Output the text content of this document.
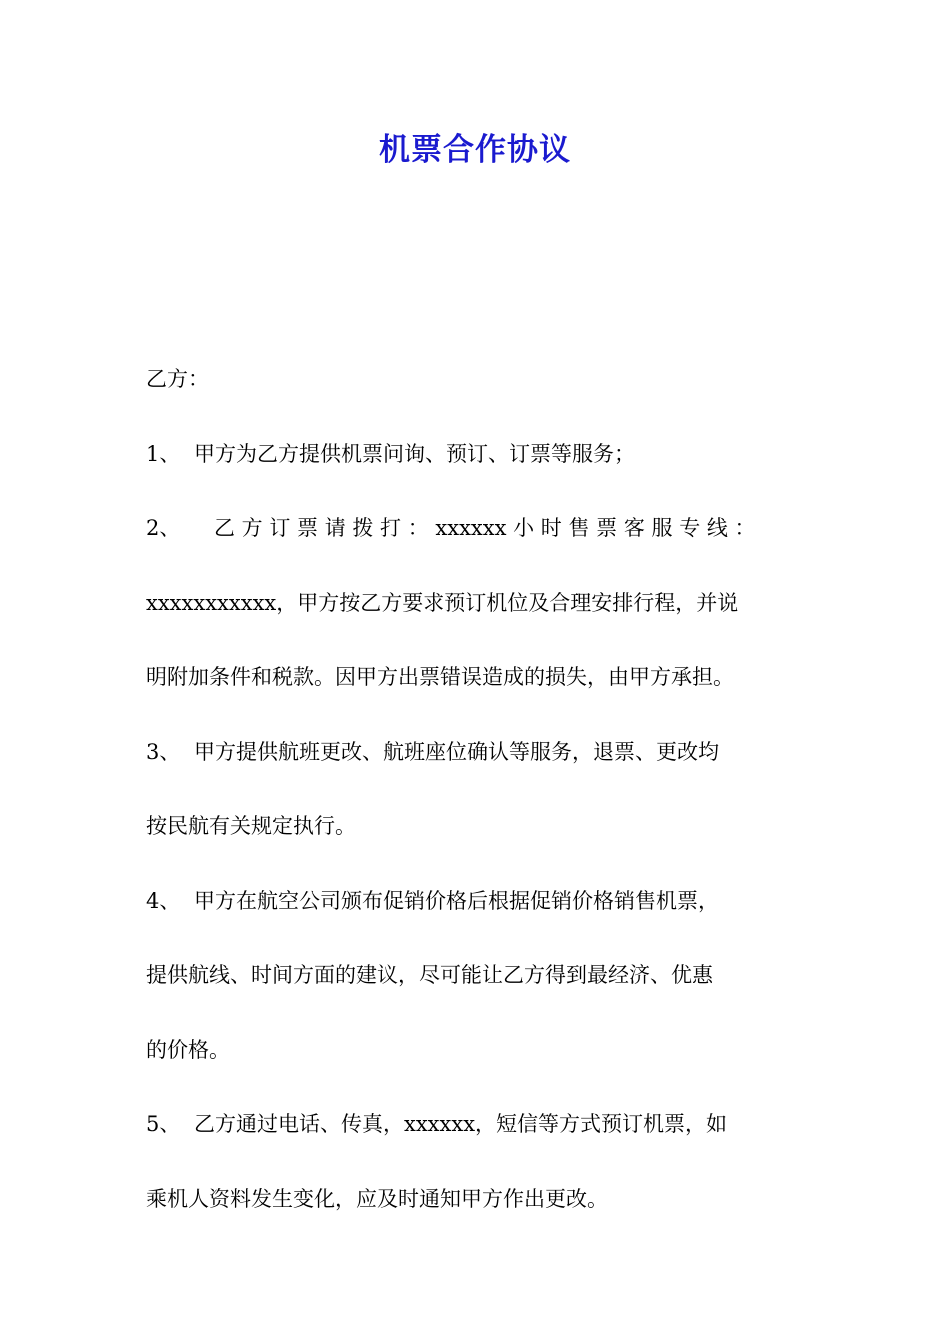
机票合作协议
乙方：
1、 甲方为乙方提供机票问询、预订、订票等服务；
2、 乙 方 订 票 请 拨 打 ： xxxxxx 小 时 售 票 客 服 专 线 ：
xxxxxxxxxxx，甲方按乙方要求预订机位及合理安排行程，并说
明附加条件和税款。因甲方出票错误造成的损失，由甲方承担。
3、 甲方提供航班更改、航班座位确认等服务，退票、更改均
按民航有关规定执行。
4、 甲方在航空公司颁布促销价格后根据促销价格销售机票，
提供航线、时间方面的建议，尽可能让乙方得到最经济、优惠
的价格。
5、 乙方通过电话、传真，xxxxxx，短信等方式预订机票，如
乘机人资料发生变化，应及时通知甲方作出更改。
